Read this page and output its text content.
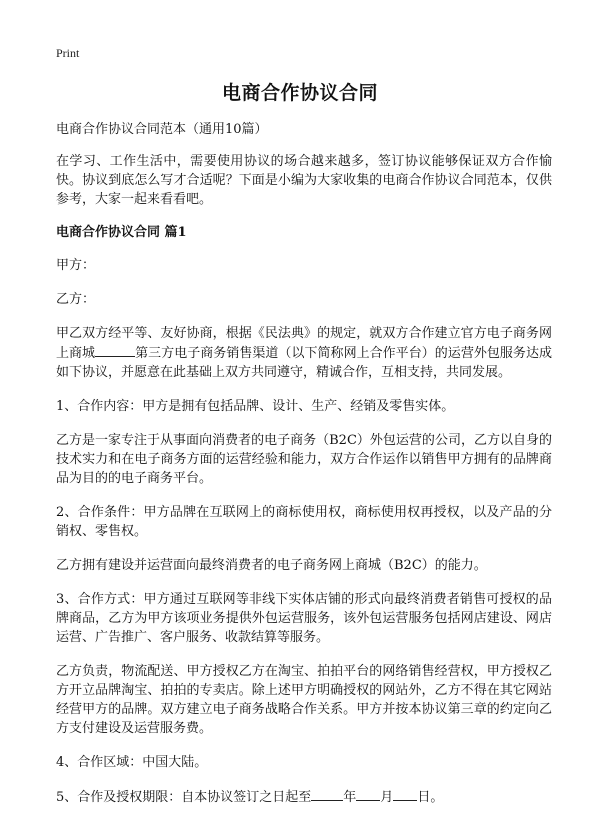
Print
电商合作协议合同

电商合作协议合同范本（通用10篇）

在学习、工作生活中，需要使用协议的场合越来越多，签订协议能够保证双方合作愉快。协议到底怎么写才合适呢？下面是小编为大家收集的电商合作协议合同范本，仅供参考，大家一起来看看吧。

电商合作协议合同 篇1

甲方：

乙方：

甲乙双方经平等、友好协商，根据《民法典》的规定，就双方合作建立官方电子商务网上商城	第三方电子商务销售渠道（以下简称网上合作平台）的运营外包服务达成如下协议，并愿意在此基础上双方共同遵守，精诚合作，互相支持，共同发展。

1、合作内容：甲方是拥有包括品牌、设计、生产、经销及零售实体。

乙方是一家专注于从事面向消费者的电子商务（B2C）外包运营的公司，乙方以自身的技术实力和在电子商务方面的运营经验和能力，双方合作运作以销售甲方拥有的品牌商品为目的的电子商务平台。

2、合作条件：甲方品牌在互联网上的商标使用权，商标使用权再授权，以及产品的分销权、零售权。

乙方拥有建设并运营面向最终消费者的电子商务网上商城（B2C）的能力。

3、合作方式：甲方通过互联网等非线下实体店铺的形式向最终消费者销售可授权的品牌商品，乙方为甲方该项业务提供外包运营服务，该外包运营服务包括网店建设、网店运营、广告推广、客户服务、收款结算等服务。

乙方负责，物流配送、甲方授权乙方在淘宝、拍拍平台的网络销售经营权，甲方授权乙方开立品牌淘宝、拍拍的专卖店。除上述甲方明确授权的网站外，乙方不得在其它网站经营甲方的品牌。双方建立电子商务战略合作关系。甲方并按本协议第三章的约定向乙方支付建设及运营服务费。

4、合作区域：中国大陆。

5、合作及授权期限：自本协议签订之日起至 年 月 日。
